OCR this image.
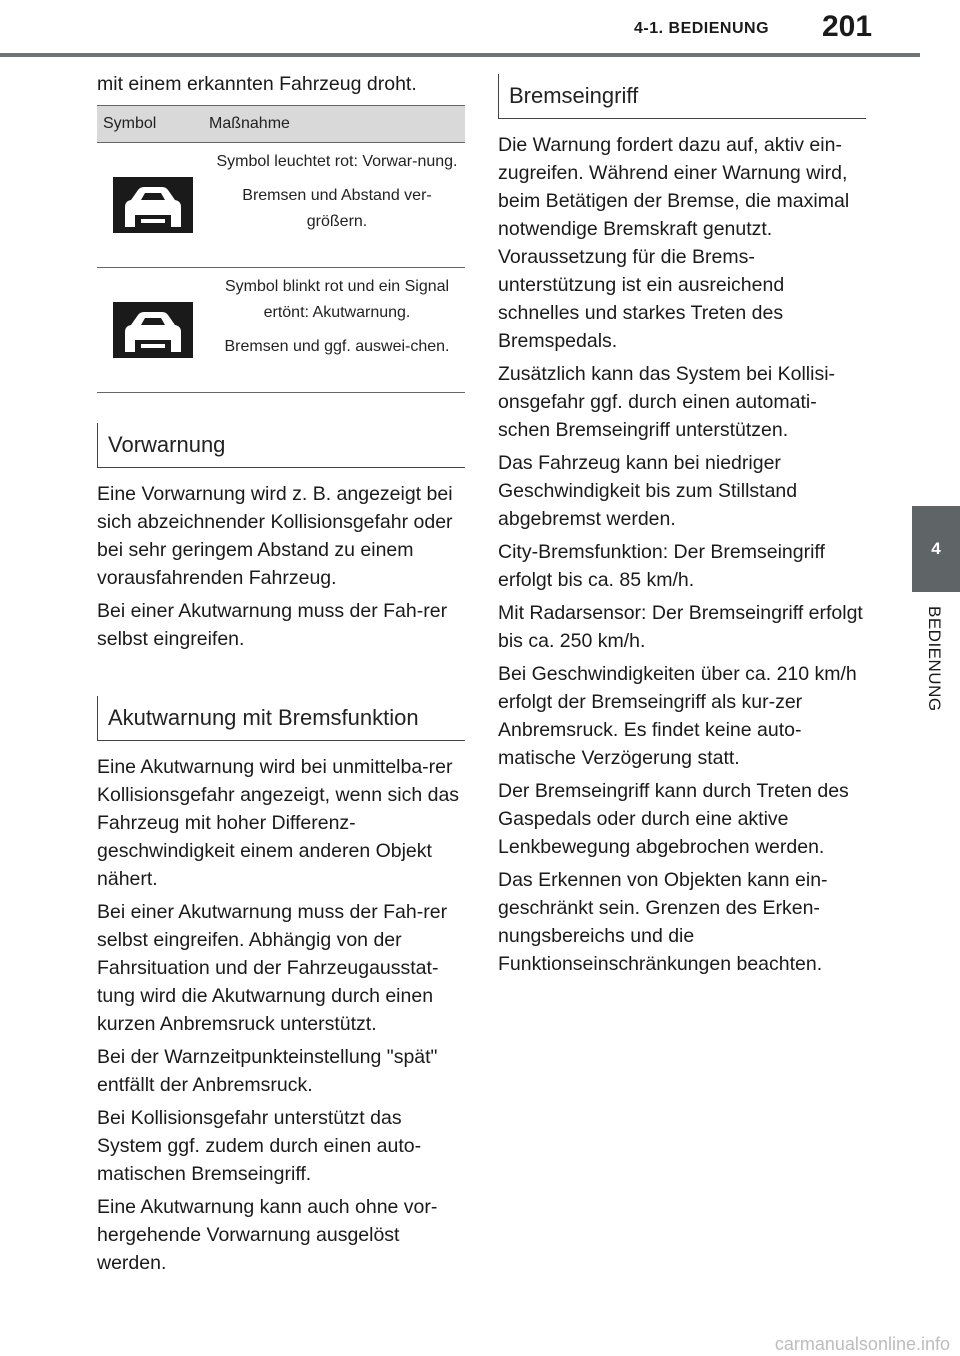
4-1. BEDIENUNG 201
4
BEDIENUNG

mit einem erkannten Fahrzeug droht.

Symbol	Maßnahme

Symbol leuchtet rot: Vorwar-nung.

Bremsen und Abstand ver-größern.

Symbol blinkt rot und ein Signal ertönt: Akutwarnung.

Bremsen und ggf. auswei-chen.

Vorwarnung

Eine Vorwarnung wird z. B. angezeigt bei sich abzeichnender Kollisionsgefahr oder bei sehr geringem Abstand zu einem vorausfahrenden Fahrzeug.

Bei einer Akutwarnung muss der Fah-rer selbst eingreifen.

Akutwarnung mit Bremsfunktion

Eine Akutwarnung wird bei unmittelba-rer Kollisionsgefahr angezeigt, wenn sich das Fahrzeug mit hoher Differenz-geschwindigkeit einem anderen Objekt nähert.

Bei einer Akutwarnung muss der Fah-rer selbst eingreifen. Abhängig von der Fahrsituation und der Fahrzeugausstat-tung wird die Akutwarnung durch einen kurzen Anbremsruck unterstützt.

Bei der Warnzeitpunkteinstellung "spät" entfällt der Anbremsruck.

Bei Kollisionsgefahr unterstützt das System ggf. zudem durch einen auto-matischen Bremseingriff.

Eine Akutwarnung kann auch ohne vor-hergehende Vorwarnung ausgelöst werden.

Bremseingriff

Die Warnung fordert dazu auf, aktiv ein-zugreifen. Während einer Warnung wird, beim Betätigen der Bremse, die maximal notwendige Bremskraft genutzt. Voraussetzung für die Brems-unterstützung ist ein ausreichend schnelles und starkes Treten des Bremspedals.

Zusätzlich kann das System bei Kollisi-onsgefahr ggf. durch einen automati-schen Bremseingriff unterstützen.

Das Fahrzeug kann bei niedriger Geschwindigkeit bis zum Stillstand abgebremst werden.

City-Bremsfunktion: Der Bremseingriff erfolgt bis ca. 85 km/h.

Mit Radarsensor: Der Bremseingriff erfolgt bis ca. 250 km/h.

Bei Geschwindigkeiten über ca. 210 km/h erfolgt der Bremseingriff als kur-zer Anbremsruck. Es findet keine auto-matische Verzögerung statt.

Der Bremseingriff kann durch Treten des Gaspedals oder durch eine aktive Lenkbewegung abgebrochen werden.

Das Erkennen von Objekten kann ein-geschränkt sein. Grenzen des Erken-nungsbereichs und die Funktionseinschränkungen beachten.

carmanualsonline.info
